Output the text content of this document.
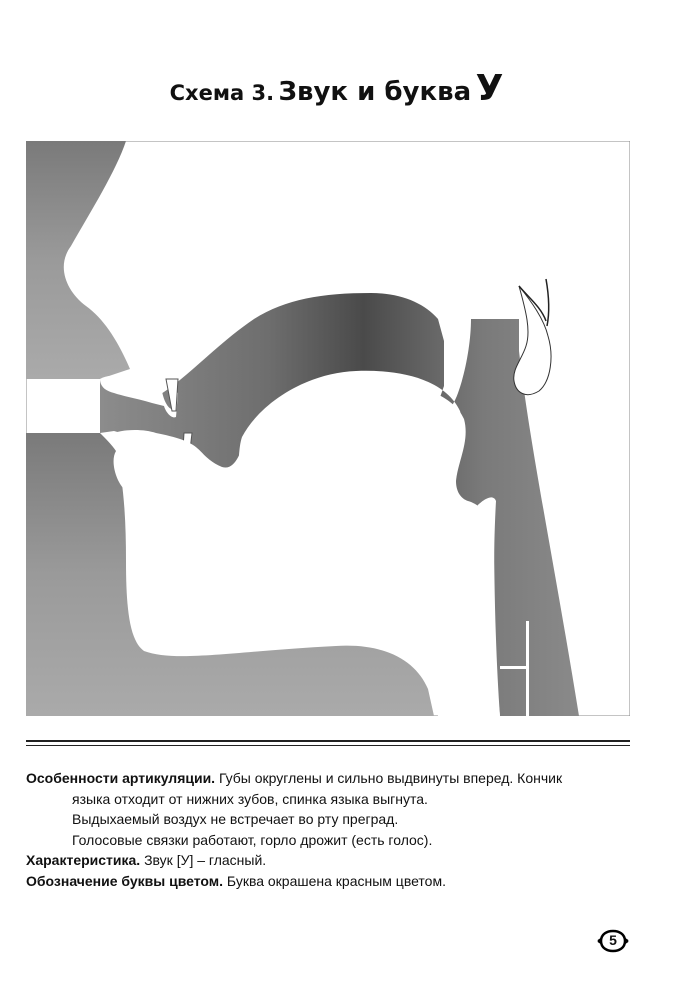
Схема 3. Звук и буква У

Особенности артикуляции. Губы округлены и сильно выдвинуты вперед. Кончик

языка отходит от нижних зубов, спинка языка выгнута.

Выдыхаемый воздух не встречает во рту преград.

Голосовые связки работают, горло дрожит (есть голос).

Характеристика. Звук [У] – гласный.

Обозначение буквы цветом. Буква окрашена красным цветом.

5
